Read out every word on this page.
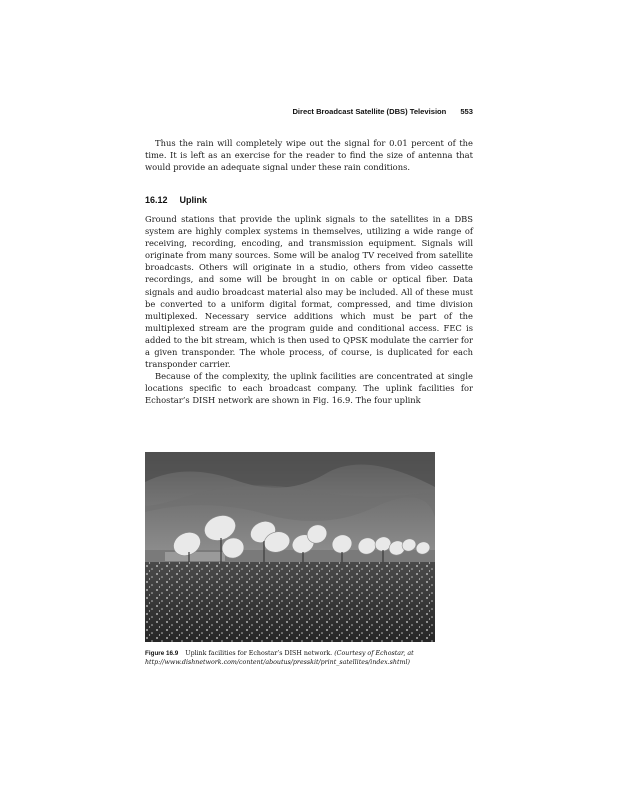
Direct Broadcast Satellite (DBS) Television 553

Thus the rain will completely wipe out the signal for 0.01 percent of the time. It is left as an exercise for the reader to find the size of antenna that would provide an adequate signal under these rain conditions.

16.12 Uplink

Ground stations that provide the uplink signals to the satellites in a DBS system are highly complex systems in themselves, utilizing a wide range of receiving, recording, encoding, and transmission equipment. Signals will originate from many sources. Some will be analog TV received from satellite broadcasts. Others will originate in a studio, others from video cassette recordings, and some will be brought in on cable or optical fiber. Data signals and audio broadcast material also may be included. All of these must be converted to a uniform digital format, compressed, and time division multiplexed. Necessary service additions which must be part of the multiplexed stream are the program guide and conditional access. FEC is added to the bit stream, which is then used to QPSK modulate the carrier for a given transponder. The whole process, of course, is duplicated for each transponder carrier.

Because of the complexity, the uplink facilities are concentrated at single locations specific to each broadcast company. The uplink facilities for Echostar’s DISH network are shown in Fig. 16.9. The four uplink

Figure 16.9 Uplink facilities for Echostar’s DISH network. (Courtesy of Echostar, at
http://www.dishnetwork.com/content/aboutus/presskit/print_satellites/index.shtml)
